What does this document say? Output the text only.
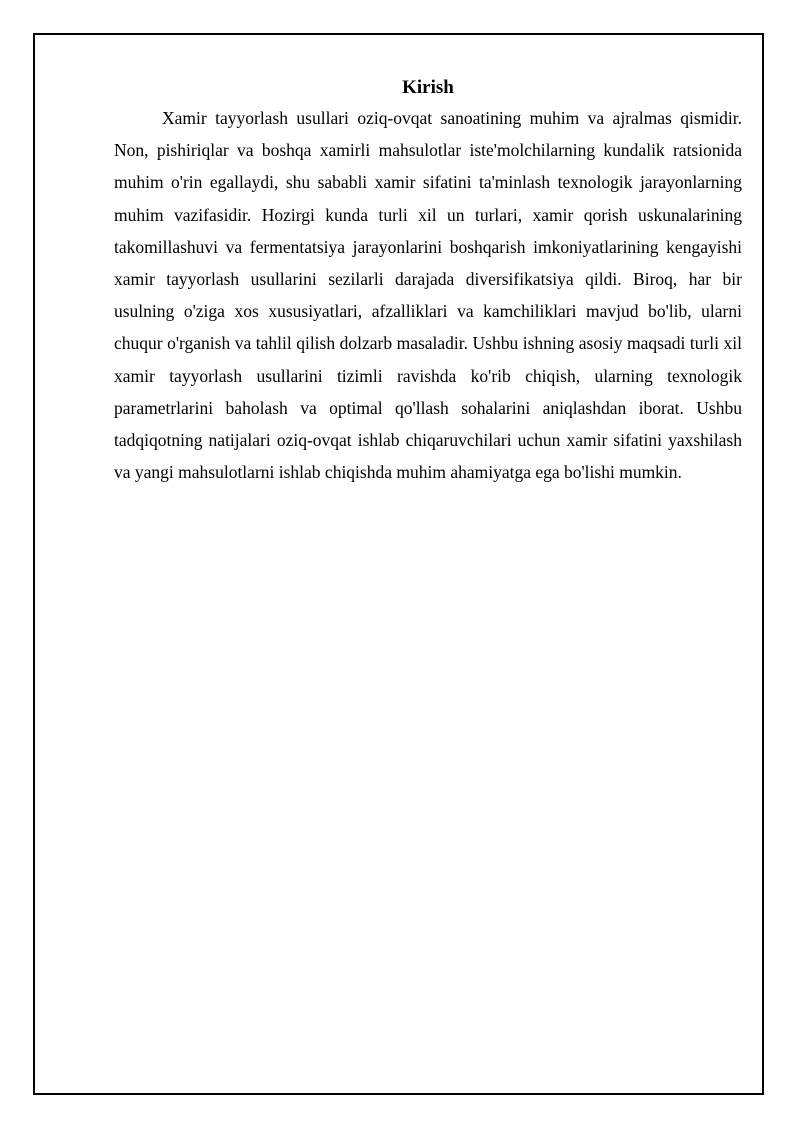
Kirish

Xamir tayyorlash usullari oziq-ovqat sanoatining muhim va ajralmas qismidir. Non, pishiriqlar va boshqa xamirli mahsulotlar iste'molchilarning kundalik ratsionida muhim o'rin egallaydi, shu sababli xamir sifatini ta'minlash texnologik jarayonlarning muhim vazifasidir. Hozirgi kunda turli xil un turlari, xamir qorish uskunalarining takomillashuvi va fermentatsiya jarayonlarini boshqarish imkoniyatlarining kengayishi xamir tayyorlash usullarini sezilarli darajada diversifikatsiya qildi. Biroq, har bir usulning o'ziga xos xususiyatlari, afzalliklari va kamchiliklari mavjud bo'lib, ularni chuqur o'rganish va tahlil qilish dolzarb masaladir. Ushbu ishning asosiy maqsadi turli xil xamir tayyorlash usullarini tizimli ravishda ko'rib chiqish, ularning texnologik parametrlarini baholash va optimal qo'llash sohalarini aniqlashdan iborat. Ushbu tadqiqotning natijalari oziq-ovqat ishlab chiqaruvchilari uchun xamir sifatini yaxshilash va yangi mahsulotlarni ishlab chiqishda muhim ahamiyatga ega bo'lishi mumkin.
